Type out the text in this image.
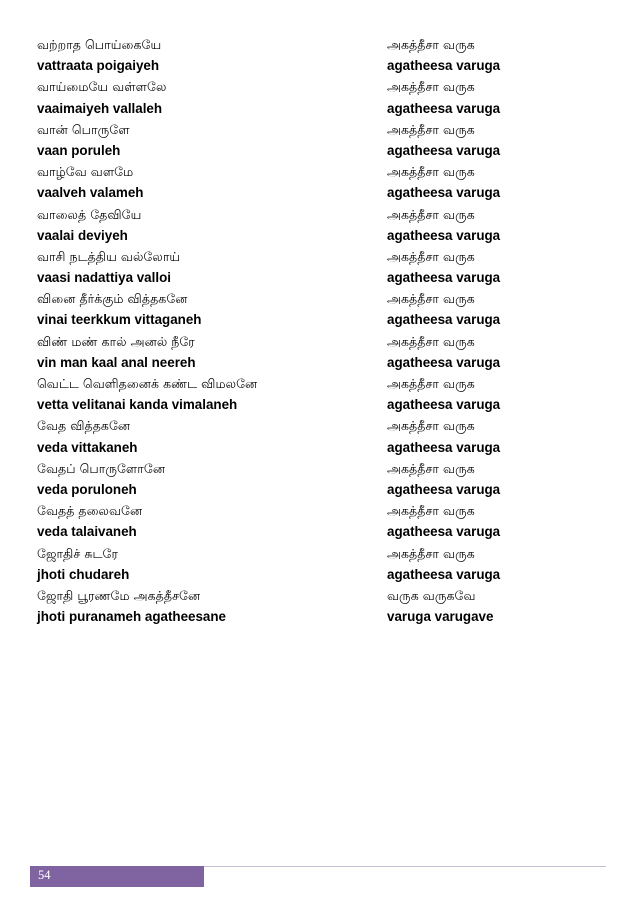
வற்றாத பொய்கையே	அகத்தீசா வருக
vattraata poigaiyeh	agatheesa varuga
வாய்மையே வள்ளலே	அகத்தீசா வருக
vaaimaiyeh vallaleh	agatheesa varuga
வான் பொருளே	அகத்தீசா வருக
vaan poruleh	agatheesa varuga
வாழ்வே வளமே	அகத்தீசா வருக
vaalveh valameh	agatheesa varuga
வாலைத் தேவியே	அகத்தீசா வருக
vaalai deviyeh	agatheesa varuga
வாசி நடத்திய வல்லோய்	அகத்தீசா வருக
vaasi nadattiya valloi	agatheesa varuga
வினை தீர்க்கும் வித்தகனே	அகத்தீசா வருக
vinai teerkkum vittaganeh	agatheesa varuga
விண் மண் கால் அனல் நீரே	அகத்தீசா வருக
vin man kaal anal neereh	agatheesa varuga
வெட்ட வெளிதனைக் கண்ட விமலனே	அகத்தீசா வருக
vetta velitanai kanda vimalaneh	agatheesa varuga
வேத வித்தகனே	அகத்தீசா வருக
veda vittakaneh	agatheesa varuga
வேதப் பொருளோனே	அகத்தீசா வருக
veda poruloneh	agatheesa varuga
வேதத் தலைவனே	அகத்தீசா வருக
veda talaivaneh	agatheesa varuga
ஜோதிச் சுடரே	அகத்தீசா வருக
jhoti chudareh	agatheesa varuga
ஜோதி பூரணமே அகத்தீசனே	வருக வருகவே
jhoti puranameh agatheesane	varuga varugave
54
